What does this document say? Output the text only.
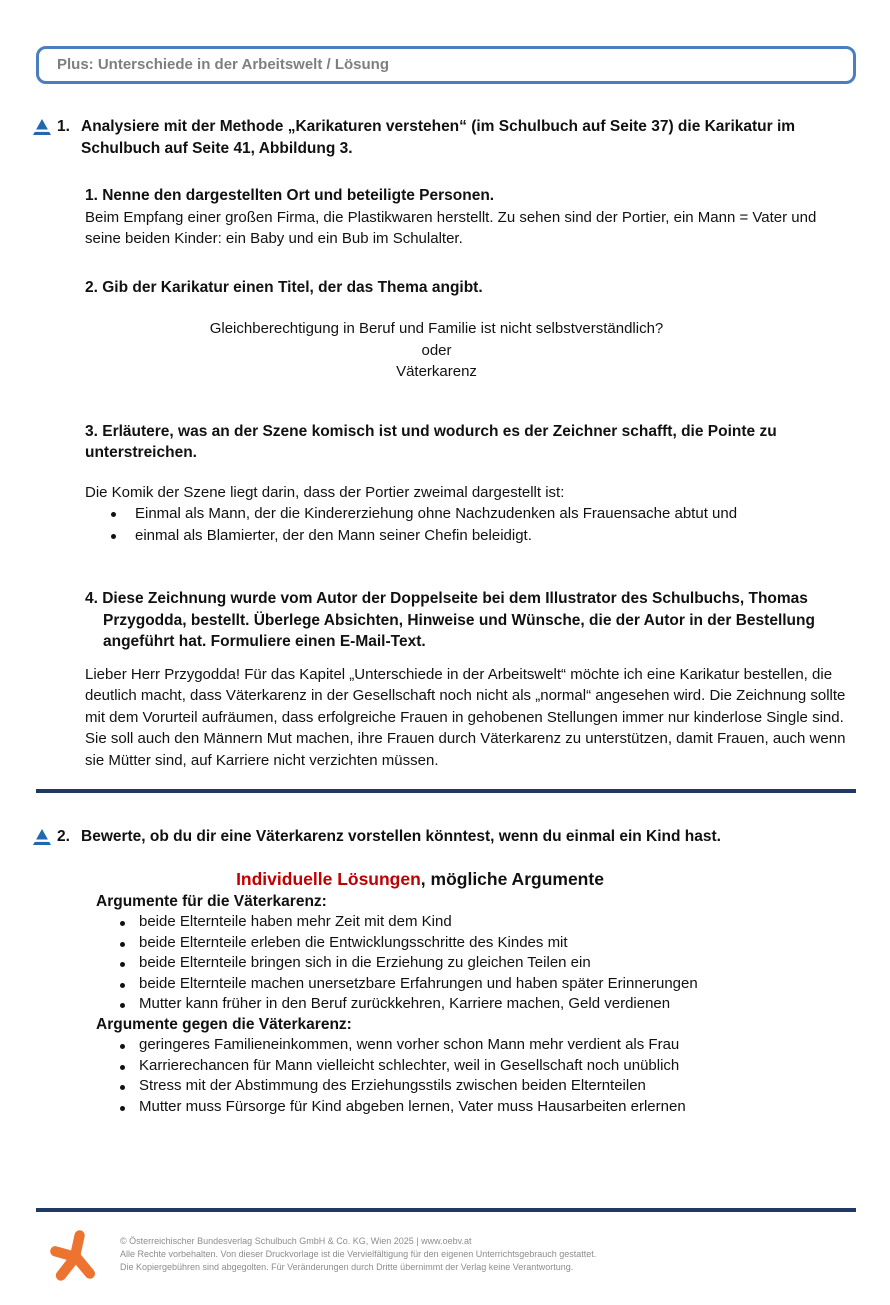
Plus: Unterschiede in der Arbeitswelt / Lösung
1. Analysiere mit der Methode „Karikaturen verstehen“ (im Schulbuch auf Seite 37) die Karikatur im Schulbuch auf Seite 41, Abbildung 3.

1. Nenne den dargestellten Ort und beteiligte Personen.

Beim Empfang einer großen Firma, die Plastikwaren herstellt. Zu sehen sind der Portier, ein Mann = Vater und seine beiden Kinder: ein Baby und ein Bub im Schulalter.

2. Gib der Karikatur einen Titel, der das Thema angibt.

Gleichberechtigung in Beruf und Familie ist nicht selbstverständlich?

oder

Väterkarenz

3. Erläutere, was an der Szene komisch ist und wodurch es der Zeichner schafft, die Pointe zu unterstreichen.

Die Komik der Szene liegt darin, dass der Portier zweimal dargestellt ist:

Einmal als Mann, der die Kindererziehung ohne Nachzudenken als Frauensache abtut und
einmal als Blamierter, der den Mann seiner Chefin beleidigt.

4. Diese Zeichnung wurde vom Autor der Doppelseite bei dem Illustrator des Schulbuchs, Thomas Przygodda, bestellt. Überlege Absichten, Hinweise und Wünsche, die der Autor in der Bestellung angeführt hat. Formuliere einen E-Mail-Text.

Lieber Herr Przygodda! Für das Kapitel „Unterschiede in der Arbeitswelt“ möchte ich eine Karikatur bestellen, die deutlich macht, dass Väterkarenz in der Gesellschaft noch nicht als „normal“ angesehen wird. Die Zeichnung sollte mit dem Vorurteil aufräumen, dass erfolgreiche Frauen in gehobenen Stellungen immer nur kinderlose Single sind. Sie soll auch den Männern Mut machen, ihre Frauen durch Väterkarenz zu unterstützen, damit Frauen, auch wenn sie Mütter sind, auf Karriere nicht verzichten müssen.

2. Bewerte, ob du dir eine Väterkarenz vorstellen könntest, wenn du einmal ein Kind hast.
Individuelle Lösungen, mögliche Argumente

Argumente für die Väterkarenz:

beide Elternteile haben mehr Zeit mit dem Kind
beide Elternteile erleben die Entwicklungsschritte des Kindes mit
beide Elternteile bringen sich in die Erziehung zu gleichen Teilen ein
beide Elternteile machen unersetzbare Erfahrungen und haben später Erinnerungen
Mutter kann früher in den Beruf zurückkehren, Karriere machen, Geld verdienen

Argumente gegen die Väterkarenz:

geringeres Familieneinkommen, wenn vorher schon Mann mehr verdient als Frau
Karrierechancen für Mann vielleicht schlechter, weil in Gesellschaft noch unüblich
Stress mit der Abstimmung des Erziehungsstils zwischen beiden Elternteilen
Mutter muss Fürsorge für Kind abgeben lernen, Vater muss Hausarbeiten erlernen
© Österreichischer Bundesverlag Schulbuch GmbH & Co. KG, Wien 2025 | www.oebv.at
Alle Rechte vorbehalten. Von dieser Druckvorlage ist die Vervielfältigung für den eigenen Unterrichtsgebrauch gestattet.
Die Kopiergebühren sind abgegolten. Für Veränderungen durch Dritte übernimmt der Verlag keine Verantwortung.
